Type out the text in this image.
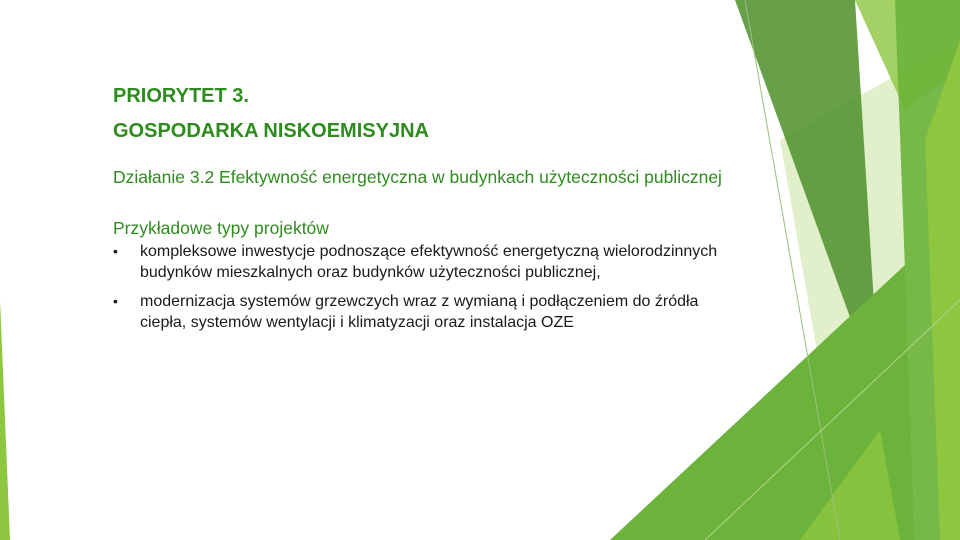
PRIORYTET 3.
GOSPODARKA NISKOEMISYJNA
Działanie 3.2 Efektywność energetyczna w budynkach użyteczności publicznej
Przykładowe typy projektów
• kompleksowe inwestycje podnoszące efektywność energetyczną wielorodzinnych budynków mieszkalnych oraz budynków użyteczności publicznej,
• modernizacja systemów grzewczych wraz z wymianą i podłączeniem do źródła ciepła, systemów wentylacji i klimatyzacji oraz instalacja OZE
